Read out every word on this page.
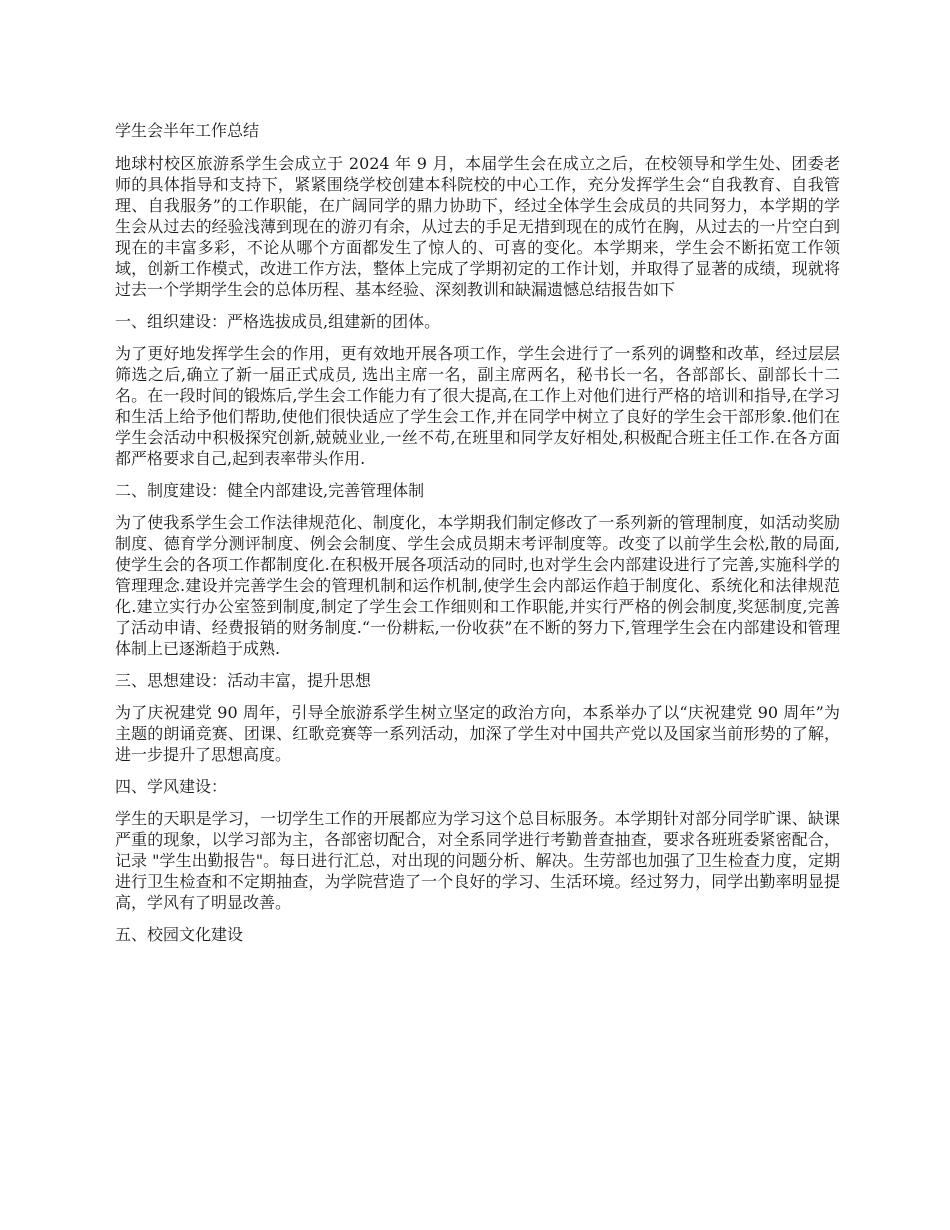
学生会半年工作总结

地球村校区旅游系学生会成立于 2024 年 9 月，本届学生会在成立之后，在校领导和学生处、团委老师的具体指导和支持下，紧紧围绕学校创建本科院校的中心工作，充分发挥学生会“自我教育、自我管理、自我服务”的工作职能，在广阔同学的鼎力协助下，经过全体学生会成员的共同努力，本学期的学生会从过去的经验浅薄到现在的游刃有余，从过去的手足无措到现在的成竹在胸，从过去的一片空白到现在的丰富多彩，不论从哪个方面都发生了惊人的、可喜的变化。本学期来，学生会不断拓宽工作领域，创新工作模式，改进工作方法，整体上完成了学期初定的工作计划，并取得了显著的成绩，现就将过去一个学期学生会的总体历程、基本经验、深刻教训和缺漏遗憾总结报告如下

一、组织建设：严格选拔成员,组建新的团体。

为了更好地发挥学生会的作用，更有效地开展各项工作，学生会进行了一系列的调整和改革，经过层层筛选之后,确立了新一届正式成员, 选出主席一名，副主席两名，秘书长一名，各部部长、副部长十二名。在一段时间的锻炼后,学生会工作能力有了很大提高,在工作上对他们进行严格的培训和指导,在学习和生活上给予他们帮助,使他们很快适应了学生会工作,并在同学中树立了良好的学生会干部形象.他们在学生会活动中积极探究创新,兢兢业业,一丝不苟,在班里和同学友好相处,积极配合班主任工作.在各方面都严格要求自己,起到表率带头作用.

二、制度建设：健全内部建设,完善管理体制

为了使我系学生会工作法律规范化、制度化，本学期我们制定修改了一系列新的管理制度，如活动奖励制度、德育学分测评制度、例会会制度、学生会成员期末考评制度等。改变了以前学生会松,散的局面,使学生会的各项工作都制度化.在积极开展各项活动的同时,也对学生会内部建设进行了完善,实施科学的管理理念.建设并完善学生会的管理机制和运作机制,使学生会内部运作趋于制度化、系统化和法律规范化.建立实行办公室签到制度,制定了学生会工作细则和工作职能,并实行严格的例会制度,奖惩制度,完善了活动申请、经费报销的财务制度.“一份耕耘,一份收获”在不断的努力下,管理学生会在内部建设和管理体制上已逐渐趋于成熟.

三、思想建设：活动丰富，提升思想

为了庆祝建党 90 周年，引导全旅游系学生树立坚定的政治方向，本系举办了以“庆祝建党 90 周年”为主题的朗诵竞赛、团课、红歌竞赛等一系列活动，加深了学生对中国共产党以及国家当前形势的了解，进一步提升了思想高度。

四、学风建设：

学生的天职是学习，一切学生工作的开展都应为学习这个总目标服务。本学期针对部分同学旷课、缺课严重的现象，以学习部为主，各部密切配合，对全系同学进行考勤普查抽查，要求各班班委紧密配合，记录 "学生出勤报告"。每日进行汇总，对出现的问题分析、解决。生劳部也加强了卫生检查力度，定期进行卫生检查和不定期抽查，为学院营造了一个良好的学习、生活环境。经过努力，同学出勤率明显提高，学风有了明显改善。

五、校园文化建设
